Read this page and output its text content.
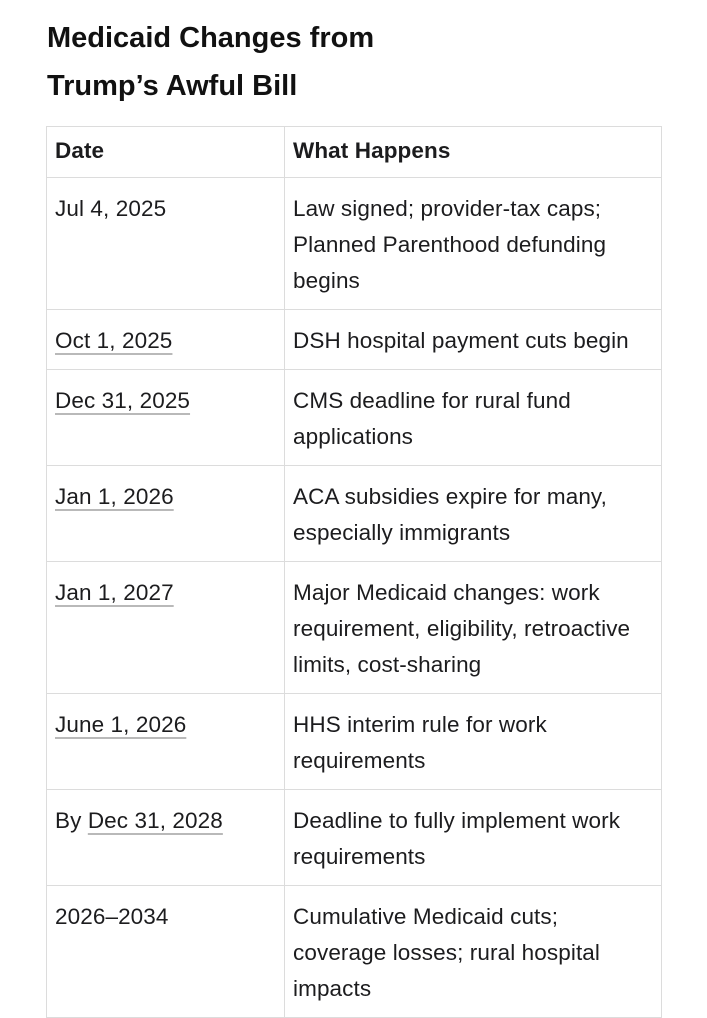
Medicaid Changes from
Trump’s Awful Bill
Date	What Happens
Jul 4, 2025	Law signed; provider-tax caps; Planned Parenthood defunding begins
Oct 1, 2025	DSH hospital payment cuts begin
Dec 31, 2025	CMS deadline for rural fund applications
Jan 1, 2026	ACA subsidies expire for many, especially immigrants
Jan 1, 2027	Major Medicaid changes: work requirement, eligibility, retroactive limits, cost-sharing
June 1, 2026	HHS interim rule for work requirements
By Dec 31, 2028	Deadline to fully implement work requirements
2026–2034	Cumulative Medicaid cuts; coverage losses; rural hospital impacts
